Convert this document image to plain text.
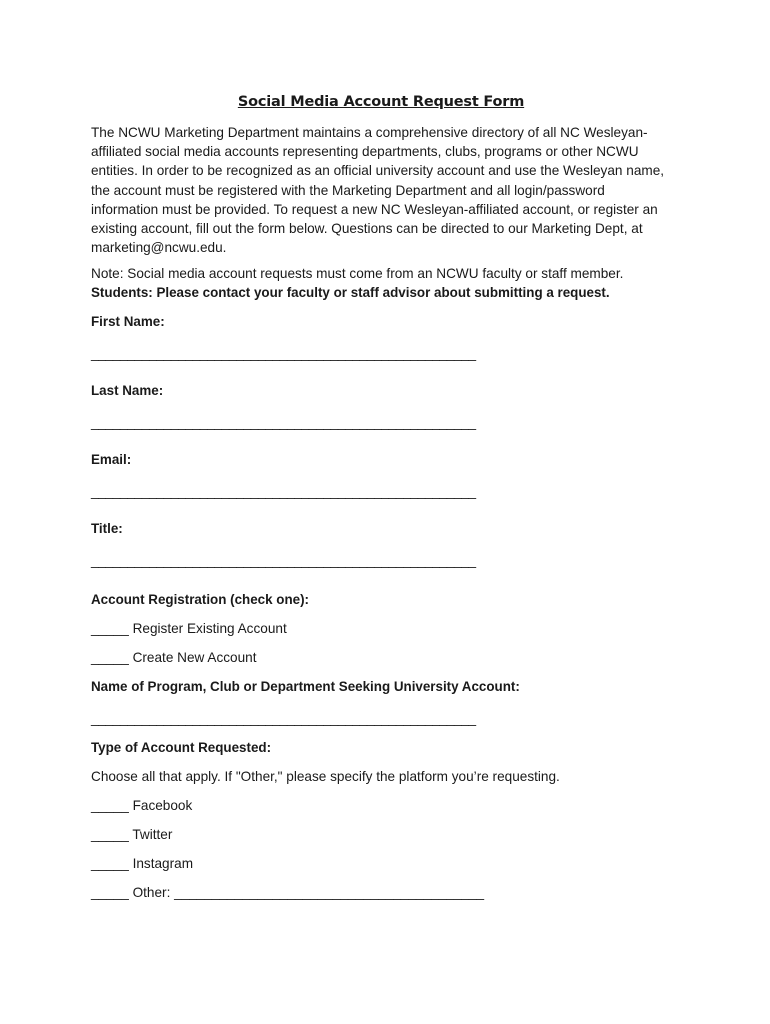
Social Media Account Request Form

The NCWU Marketing Department maintains a comprehensive directory of all NC Wesleyan-affiliated social media accounts representing departments, clubs, programs or other NCWU entities. In order to be recognized as an official university account and use the Wesleyan name, the account must be registered with the Marketing Department and all login/password information must be provided. To request a new NC Wesleyan-affiliated account, or register an existing account, fill out the form below. Questions can be directed to our Marketing Dept, at marketing@ncwu.edu.

Note: Social media account requests must come from an NCWU faculty or staff member.

Students: Please contact your faculty or staff advisor about submitting a request.

First Name:

_____________________________________________________

Last Name:

_____________________________________________________

Email:

_____________________________________________________

Title:

_____________________________________________________

Account Registration (check one):

_____ Register Existing Account

_____ Create New Account

Name of Program, Club or Department Seeking University Account:

_____________________________________________________

Type of Account Requested:

Choose all that apply. If "Other," please specify the platform you’re requesting.

_____ Facebook

_____ Twitter

_____ Instagram

_____ Other: _________________________________________
